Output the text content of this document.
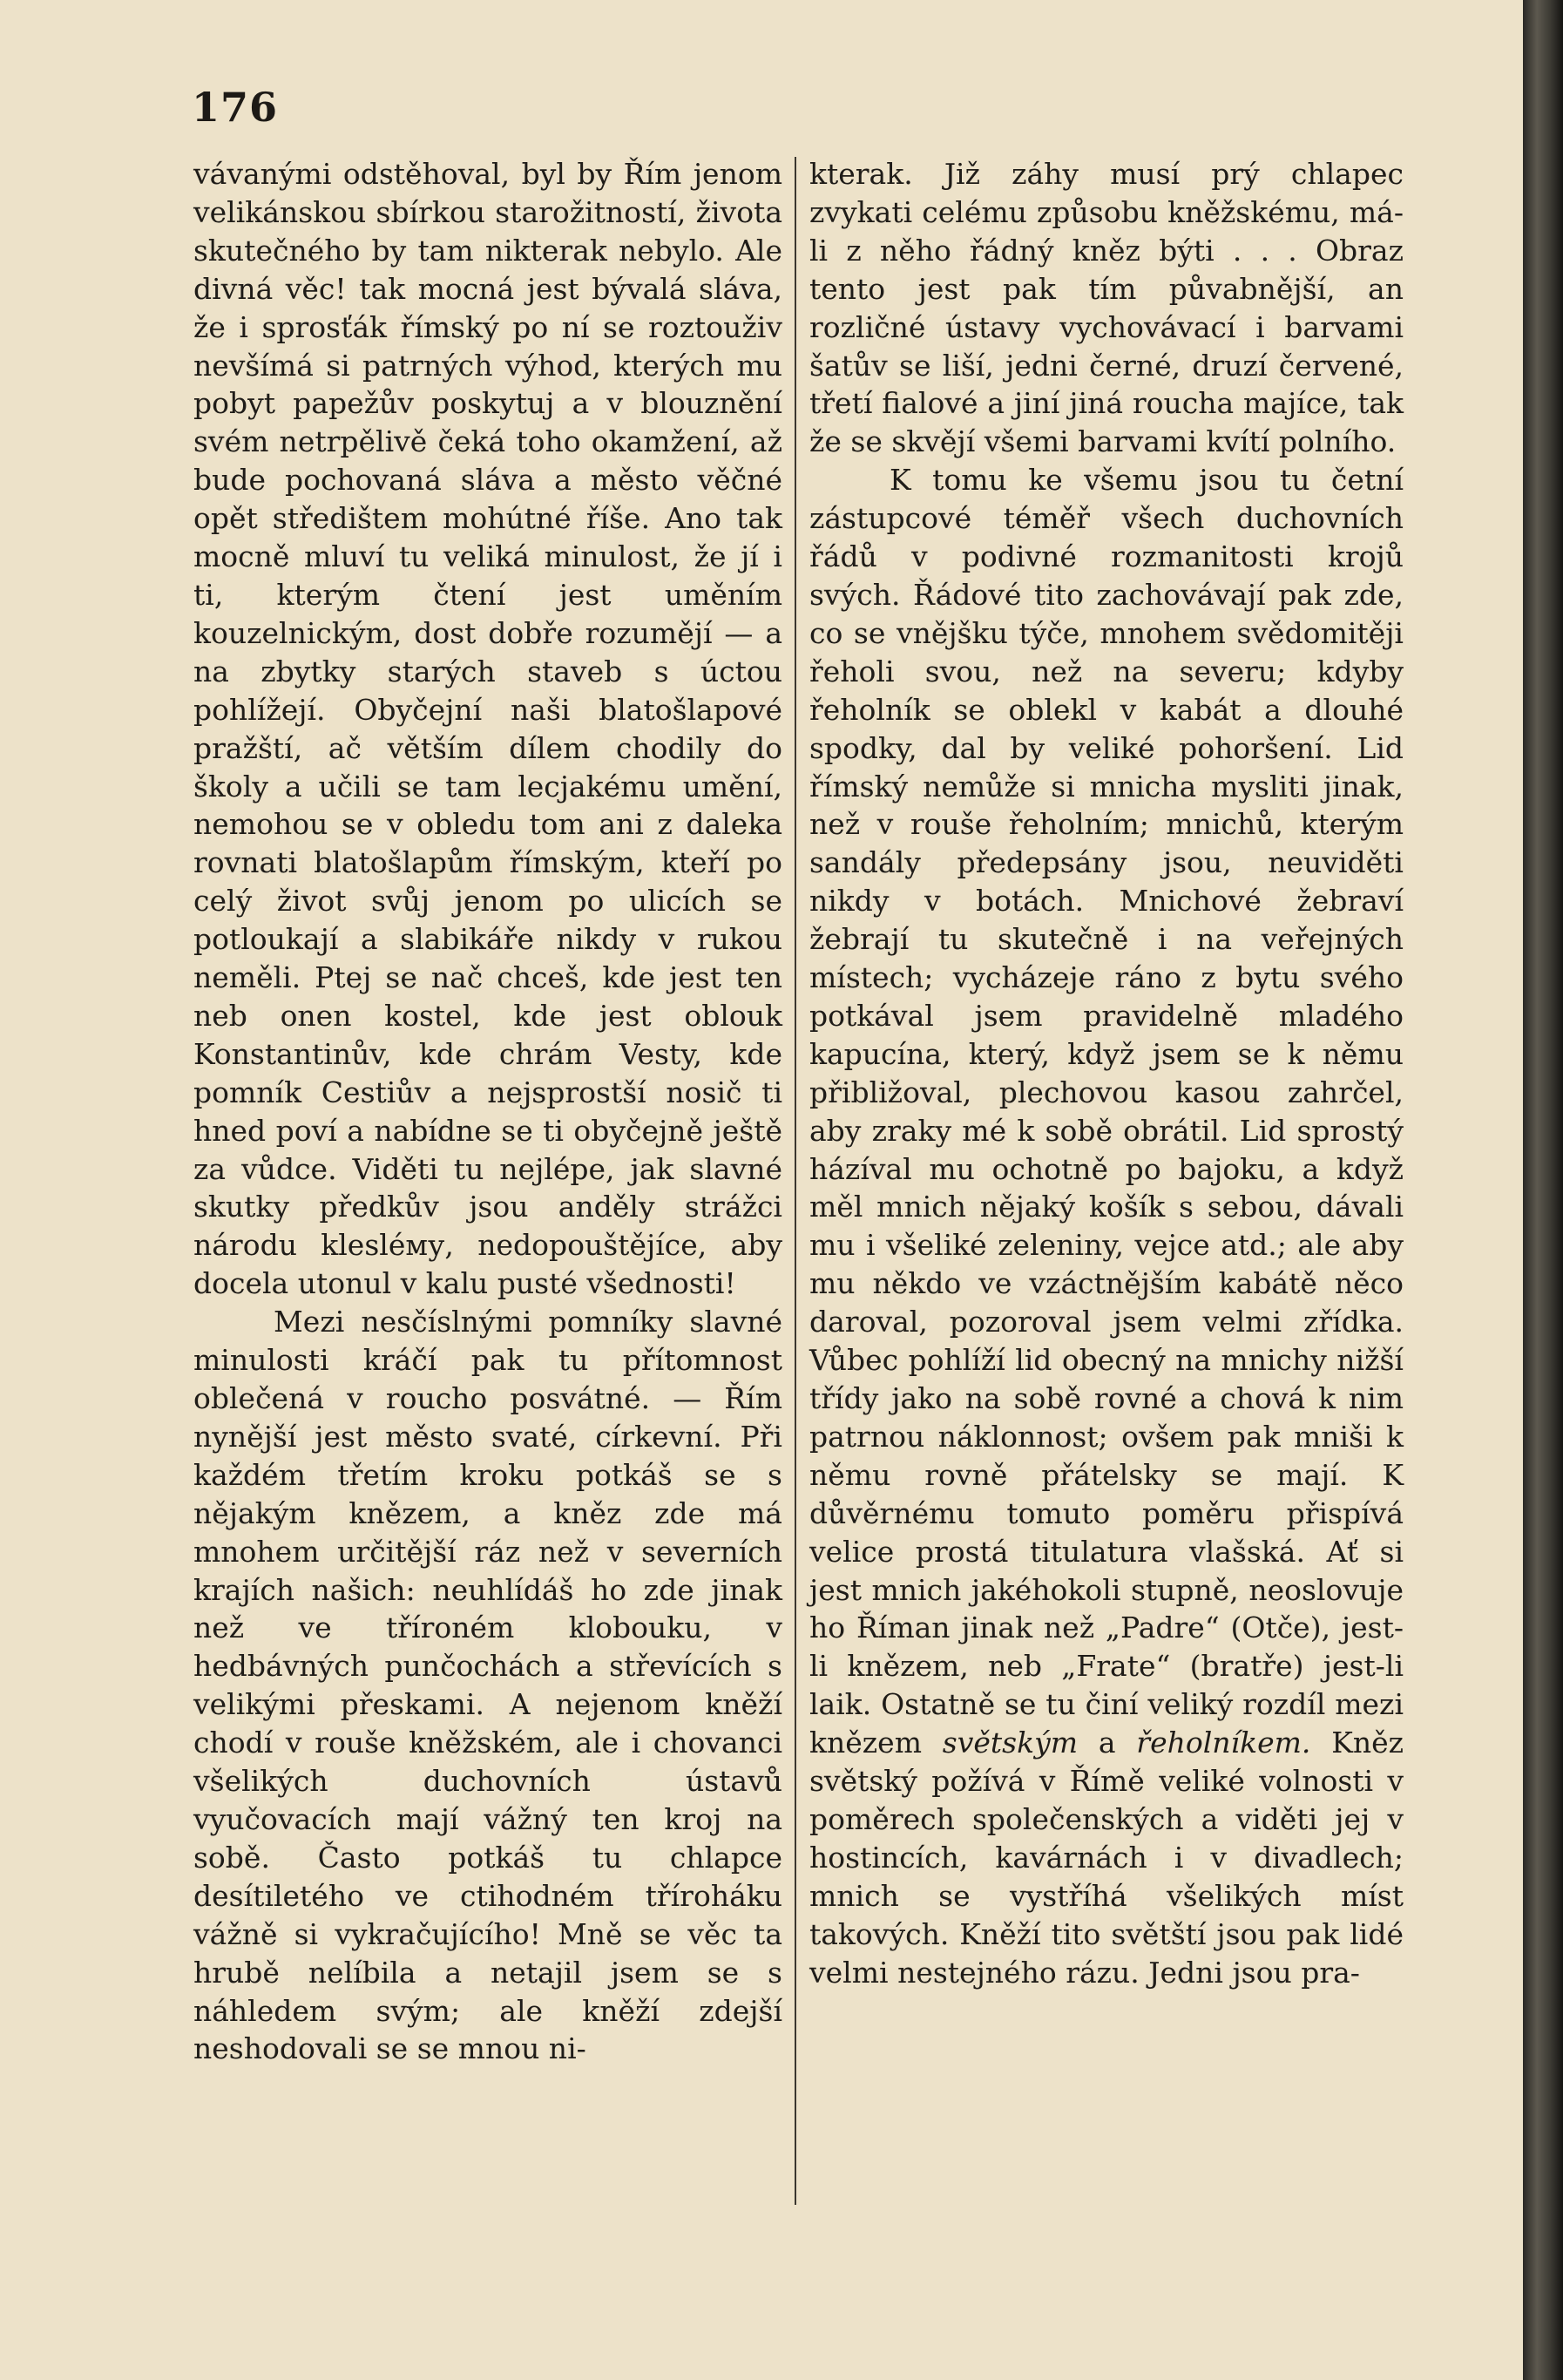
176

vávanými odstěhoval, byl by Řím jenom velikánskou sbírkou starožitností, života skutečného by tam nikterak nebylo. Ale divná věc! tak mocná jest bývalá sláva, že i sprosťák římský po ní se roztouživ nevšímá si patrných výhod, kterých mu pobyt papežův poskytuj a v blouznění svém netrpělivě čeká toho okamžení, až bude pochovaná sláva a město věčné opět středištem mohútné říše. Ano tak mocně mluví tu veliká minulost, že jí i ti, kterým čtení jest uměním kouzelnickým, dost dobře rozumějí — a na zbytky starých staveb s úctou pohlížejí. Obyčejní naši blatošlapové pražští, ač větším dílem chodily do školy a učili se tam lecjakému umění, nemohou se v obledu tom ani z daleka rovnati blatošlapům římským, kteří po celý život svůj jenom po ulicích se potloukají a slabikáře nikdy v rukou neměli. Ptej se nač chceš, kde jest ten neb onen kostel, kde jest oblouk Konstantinův, kde chrám Vesty, kde pomník Cestiův a nejsprostší nosič ti hned poví a nabídne se ti obyčejně ještě za vůdce. Viděti tu nejlépe, jak slavné skutky předkův jsou anděly strážci národu klesléму, nedopouštějíce, aby docela utonul v kalu pusté všednosti!

Mezi nesčíslnými pomníky slavné minulosti kráčí pak tu přítomnost oblečená v roucho posvátné. — Řím nynější jest město svaté, církevní. Při každém třetím kroku potkáš se s nějakým knězem, a kněz zde má mnohem určitější ráz než v severních krajích našich: neuhlídáš ho zde jinak než ve tříroném klobouku, v hedbávných punčochách a střevících s velikými přeskami. A nejenom kněží chodí v rouše kněžském, ale i chovanci všelikých duchovních ústavů vyučovacích mají vážný ten kroj na sobě. Často potkáš tu chlapce desítiletého ve ctihodném tříroháku vážně si vykračujícího! Mně se věc ta hrubě nelíbila a netajil jsem se s náhledem svým; ale kněží zdejší neshodovali se se mnou ni-

kterak. Již záhy musí prý chlapec zvykati celému způsobu kněžskému, má-li z něho řádný kněz býti . . . Obraz tento jest pak tím půvabnější, an rozličné ústavy vychovávací i barvami šatův se liší, jedni černé, druzí červené, třetí fialové a jiní jiná roucha majíce, tak že se skvějí všemi barvami kvítí polního.

K tomu ke všemu jsou tu četní zástupcové téměř všech duchovních řádů v podivné rozmanitosti krojů svých. Řádové tito zachovávají pak zde, co se vnějšku týče, mnohem svědomitěji řeholi svou, než na severu; kdyby řeholník se oblekl v kabát a dlouhé spodky, dal by veliké pohoršení. Lid římský nemůže si mnicha mysliti jinak, než v rouše řeholním; mnichů, kterým sandály předepsány jsou, neuviděti nikdy v botách. Mnichové žebraví žebrají tu skutečně i na veřejných místech; vycházeje ráno z bytu svého potkával jsem pravidelně mladého kapucína, který, když jsem se k němu přibližoval, plechovou kasou zahrčel, aby zraky mé k sobě obrátil. Lid sprostý házíval mu ochotně po bajoku, a když měl mnich nějaký košík s sebou, dávali mu i všeliké zeleniny, vejce atd.; ale aby mu někdo ve vzáctnějším kabátě něco daroval, pozoroval jsem velmi zřídka. Vůbec pohlíží lid obecný na mnichy nižší třídy jako na sobě rovné a chová k nim patrnou náklonnost; ovšem pak mniši k němu rovně přátelsky se mají. K důvěrnému tomuto poměru přispívá velice prostá titulatura vlašská. Ať si jest mnich jakéhokoli stupně, neoslovuje ho Říman jinak než „Padre“ (Otče), jest-li knězem, neb „Frate“ (bratře) jest-li laik. Ostatně se tu činí veliký rozdíl mezi knězem světským a řeholníkem. Kněz světský požívá v Římě veliké volnosti v poměrech společenských a viděti jej v hostincích, kavárnách i v divadlech; mnich se vystříhá všelikých míst takových. Kněží tito světští jsou pak lidé velmi nestejného rázu. Jedni jsou pra-
